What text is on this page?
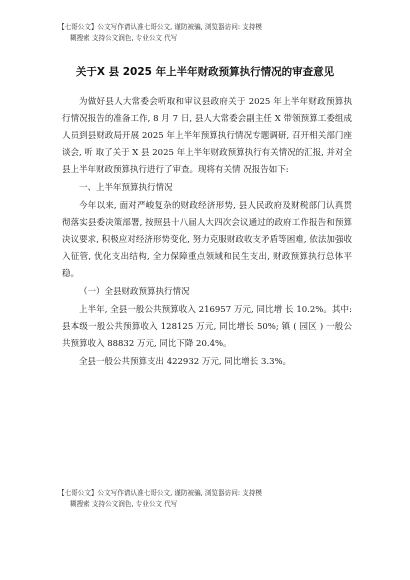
【七哥公文】公文写作请认准七哥公文, 谨防被骗, 浏览器访问: 支持模
糊搜索 支持公文润色, 专业公文 代写
关于X 县 2025 年上半年财政预算执行情况的审查意见

为做好县人大常委会听取和审议县政府关于 2025 年上半年财政预算执行情况报告的准备工作, 8 月 7 日, 县人大常委会副主任 X 带领预算工委组成人员到县财政局开展 2025 年上半年预算执行情况专题调研, 召开相关部门座谈会, 听 取了关于 X 县 2025 年上半年财政预算执行有关情况的汇报, 并对全县上半年财政预算执行进行了审查。现将有关情 况报告如下:

一、上半年预算执行情况

今年以来, 面对严峻复杂的财政经济形势, 县人民政府及财税部门认真贯彻落实县委决策部署, 按照县十八届人大四次会议通过的政府工作报告和预算决议要求, 积极应对经济形势变化, 努力克服财政收支矛盾等困难, 依法加强收入征管, 优化支出结构, 全力保障重点领域和民生支出, 财政预算执行总体平稳。

（一）全县财政预算执行情况

上半年, 全县一般公共预算收入 216957 万元, 同比增 长 10.2%。其中: 县本级一般公共预算收入 128125 万元, 同比增长 50%; 镇 ( 园区 ) 一般公共预算收入 88832 万元, 同比下降 20.4%。

全县一般公共预算支出 422932 万元, 同比增长 3.3%。

【七哥公文】公文写作请认准七哥公文, 谨防被骗, 浏览器访问: 支持模
糊搜索 支持公文润色, 专业公文 代写
